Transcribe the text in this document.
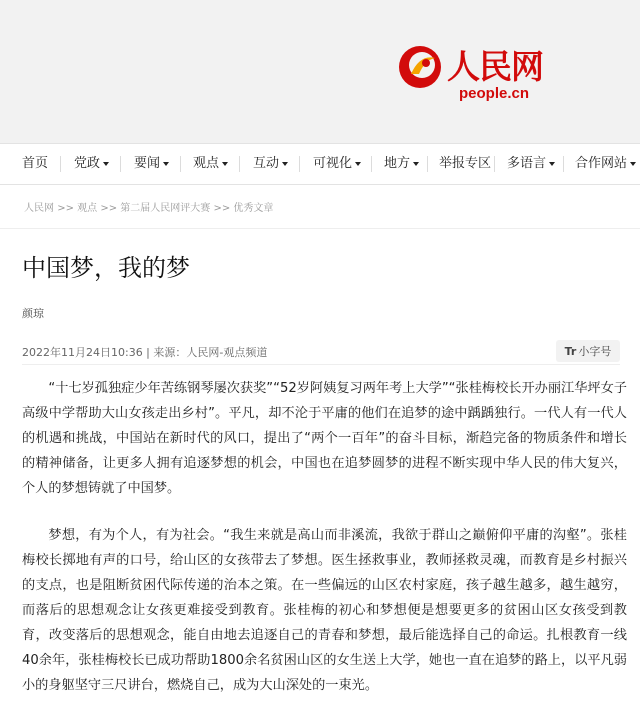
人民网
people.cn
首页 党政	要闻	观点	互动	可视化	地方	举报专区 多语言	合作网站
人民网 >> 观点 >> 第二届人民网评大赛 >> 优秀文章
中国梦，我的梦
颜琼
2022年11月24日10:36 | 来源：人民网-观点频道	Tr 小字号

“十七岁孤独症少年苦练钢琴屡次获奖”“52岁阿姨复习两年考上大学”“张桂梅校长开办丽江华坪女子高级中学帮助大山女孩走出乡村”。平凡，却不沦于平庸的他们在追梦的途中踽踽独行。一代人有一代人的机遇和挑战，中国站在新时代的风口，提出了“两个一百年”的奋斗目标，渐趋完备的物质条件和增长的精神储备，让更多人拥有追逐梦想的机会，中国也在追梦圆梦的进程不断实现中华人民的伟大复兴，个人的梦想铸就了中国梦。

梦想，有为个人，有为社会。“我生来就是高山而非溪流，我欲于群山之巅俯仰平庸的沟壑”。张桂梅校长掷地有声的口号，给山区的女孩带去了梦想。医生拯救事业，教师拯救灵魂，而教育是乡村振兴的支点，也是阻断贫困代际传递的治本之策。在一些偏远的山区农村家庭，孩子越生越多，越生越穷，而落后的思想观念让女孩更难接受到教育。张桂梅的初心和梦想便是想要更多的贫困山区女孩受到教育，改变落后的思想观念，能自由地去追逐自己的青春和梦想，最后能选择自己的命运。扎根教育一线40余年，张桂梅校长已成功帮助1800余名贫困山区的女生送上大学，她也一直在追梦的路上，以平凡弱小的身躯坚守三尺讲台，燃烧自己，成为大山深处的一束光。
